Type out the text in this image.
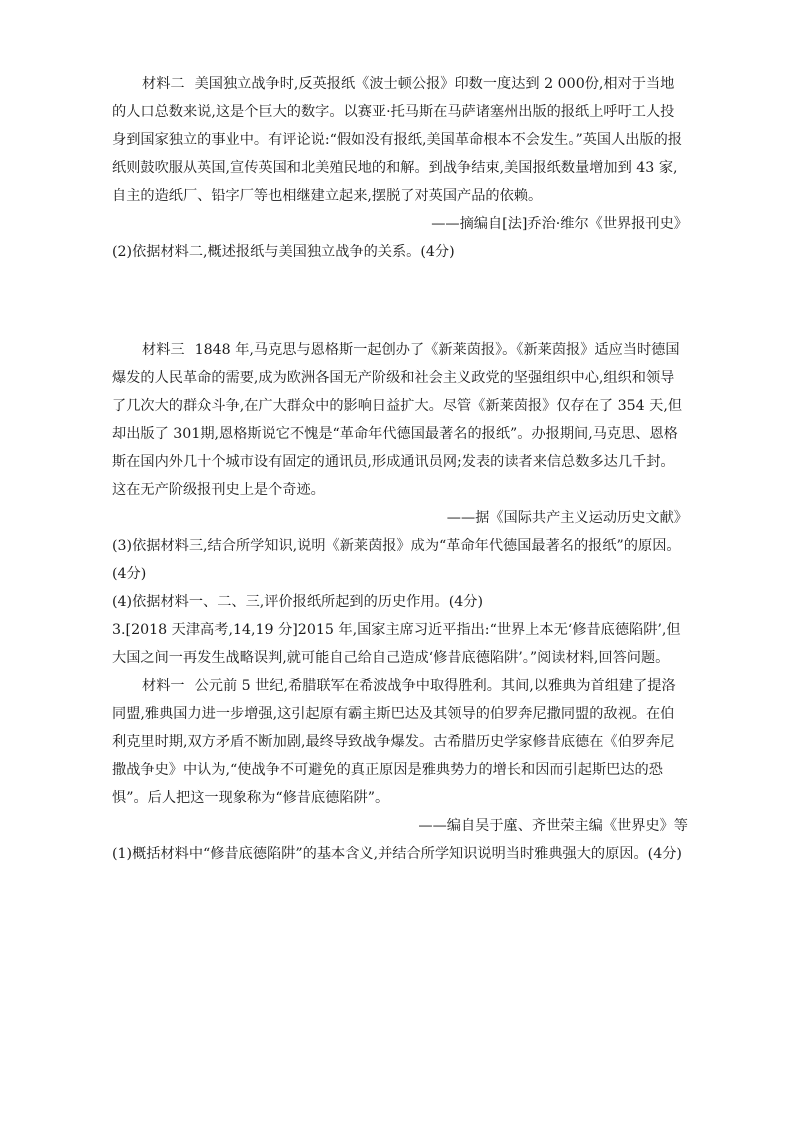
材料二 美国独立战争时,反英报纸《波士顿公报》印数一度达到 2 000份,相对于当地的人口总数来说,这是个巨大的数字。以赛亚·托马斯在马萨诸塞州出版的报纸上呼吁工人投身到国家独立的事业中。有评论说:“假如没有报纸,美国革命根本不会发生。”英国人出版的报纸则鼓吹服从英国,宣传英国和北美殖民地的和解。到战争结束,美国报纸数量增加到 43 家,自主的造纸厂、铅字厂等也相继建立起来,摆脱了对英国产品的依赖。

——摘编自[法]乔治·维尔《世界报刊史》

(2)依据材料二,概述报纸与美国独立战争的关系。(4分)

材料三 1848 年,马克思与恩格斯一起创办了《新莱茵报》。《新莱茵报》适应当时德国爆发的人民革命的需要,成为欧洲各国无产阶级和社会主义政党的坚强组织中心,组织和领导了几次大的群众斗争,在广大群众中的影响日益扩大。尽管《新莱茵报》仅存在了 354 天,但却出版了 301期,恩格斯说它不愧是“革命年代德国最著名的报纸”。办报期间,马克思、恩格斯在国内外几十个城市设有固定的通讯员,形成通讯员网;发表的读者来信总数多达几千封。这在无产阶级报刊史上是个奇迹。

——据《国际共产主义运动历史文献》

(3)依据材料三,结合所学知识,说明《新莱茵报》成为“革命年代德国最著名的报纸”的原因。(4分)

(4)依据材料一、二、三,评价报纸所起到的历史作用。(4分)

3.[2018 天津高考,14,19 分]2015 年,国家主席习近平指出:“世界上本无‘修昔底德陷阱’,但大国之间一再发生战略误判,就可能自己给自己造成‘修昔底德陷阱’。”阅读材料,回答问题。

材料一 公元前 5 世纪,希腊联军在希波战争中取得胜利。其间,以雅典为首组建了提洛同盟,雅典国力进一步增强,这引起原有霸主斯巴达及其领导的伯罗奔尼撒同盟的敌视。在伯利克里时期,双方矛盾不断加剧,最终导致战争爆发。古希腊历史学家修昔底德在《伯罗奔尼撒战争史》中认为,“使战争不可避免的真正原因是雅典势力的增长和因而引起斯巴达的恐惧”。后人把这一现象称为“修昔底德陷阱”。

——编自吴于廑、齐世荣主编《世界史》等

(1)概括材料中“修昔底德陷阱”的基本含义,并结合所学知识说明当时雅典强大的原因。(4分)
